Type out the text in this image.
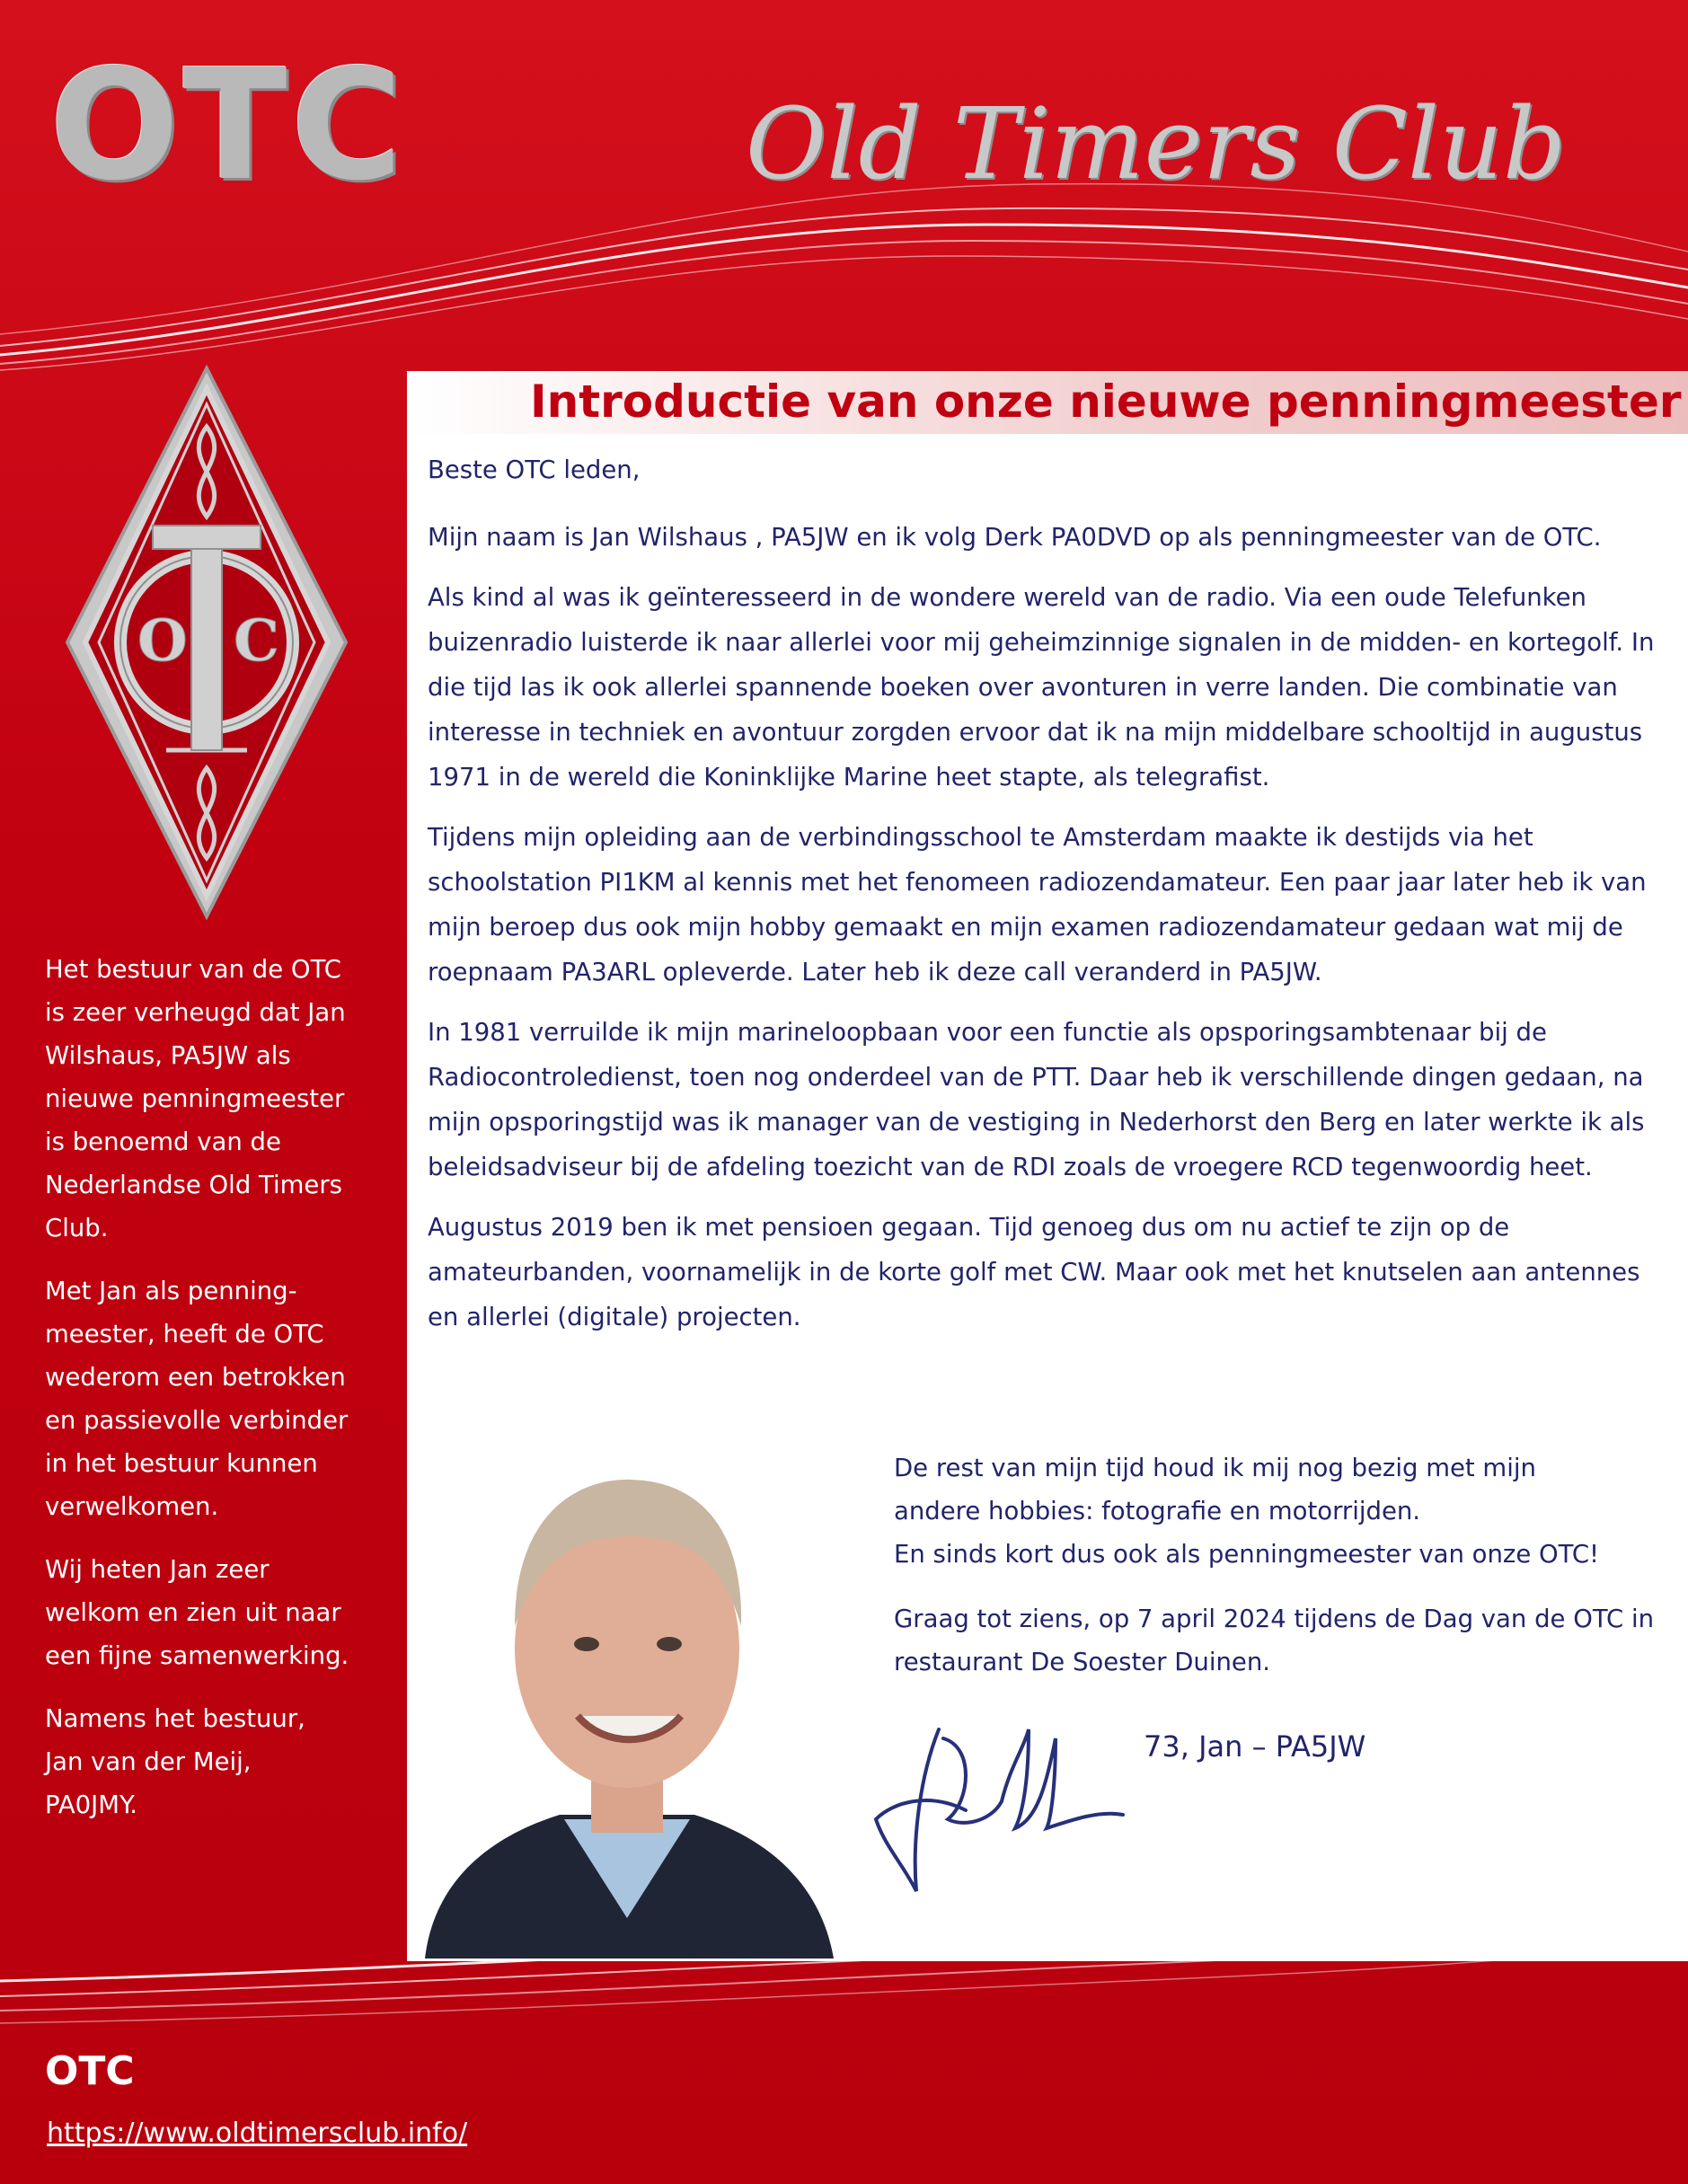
OTC	Old Timers Club
Introductie van onze nieuwe penningmeester

Beste OTC leden,

Mijn naam is Jan Wilshaus , PA5JW en ik volg Derk PA0DVD op als penningmeester van de OTC.

Als kind al was ik geïnteresseerd in de wondere wereld van de radio. Via een oude Telefunken buizenradio luisterde ik naar allerlei voor mij geheimzinnige signalen in de midden- en kortegolf. In die tijd las ik ook allerlei spannende boeken over avonturen in verre landen. Die combinatie van interesse in techniek en avontuur zorgden ervoor dat ik na mijn middelbare schooltijd in augustus 1971 in de wereld die Koninklijke Marine heet stapte, als telegrafist.

Tijdens mijn opleiding aan de verbindingsschool te Amsterdam maakte ik destijds via het schoolstation PI1KM al kennis met het fenomeen radiozendamateur. Een paar jaar later heb ik van mijn beroep dus ook mijn hobby gemaakt en mijn examen radiozendamateur gedaan wat mij de roepnaam PA3ARL opleverde. Later heb ik deze call veranderd in PA5JW.

In 1981 verruilde ik mijn marineloopbaan voor een functie als opsporingsambtenaar bij de Radiocontroledienst, toen nog onderdeel van de PTT. Daar heb ik verschillende dingen gedaan, na mijn opsporingstijd was ik manager van de vestiging in Nederhorst den Berg en later werkte ik als beleidsadviseur bij de afdeling toezicht van de RDI zoals de vroegere RCD tegenwoordig heet.

Augustus 2019 ben ik met pensioen gegaan. Tijd genoeg dus om nu actief te zijn op de amateurbanden, voornamelijk in de korte golf met CW. Maar ook met het knutselen aan antennes en allerlei (digitale) projecten.

De rest van mijn tijd houd ik mij nog bezig met mijn
andere hobbies: fotografie en motorrijden.
En sinds kort dus ook als penningmeester van onze OTC!

Graag tot ziens, op 7 april 2024 tijdens de Dag van de OTC in restaurant De Soester Duinen.

73, Jan – PA5JW
O C

Het bestuur van de OTC is zeer verheugd dat Jan Wilshaus, PA5JW als nieuwe penningmeester is benoemd van de Nederlandse Old Timers Club.

Met Jan als penning-meester, heeft de OTC wederom een betrokken en passievolle verbinder in het bestuur kunnen verwelkomen.

Wij heten Jan zeer welkom en zien uit naar een fijne samenwerking.

Namens het bestuur,
Jan van der Meij,
PA0JMY.

OTC
https://www.oldtimersclub.info/
